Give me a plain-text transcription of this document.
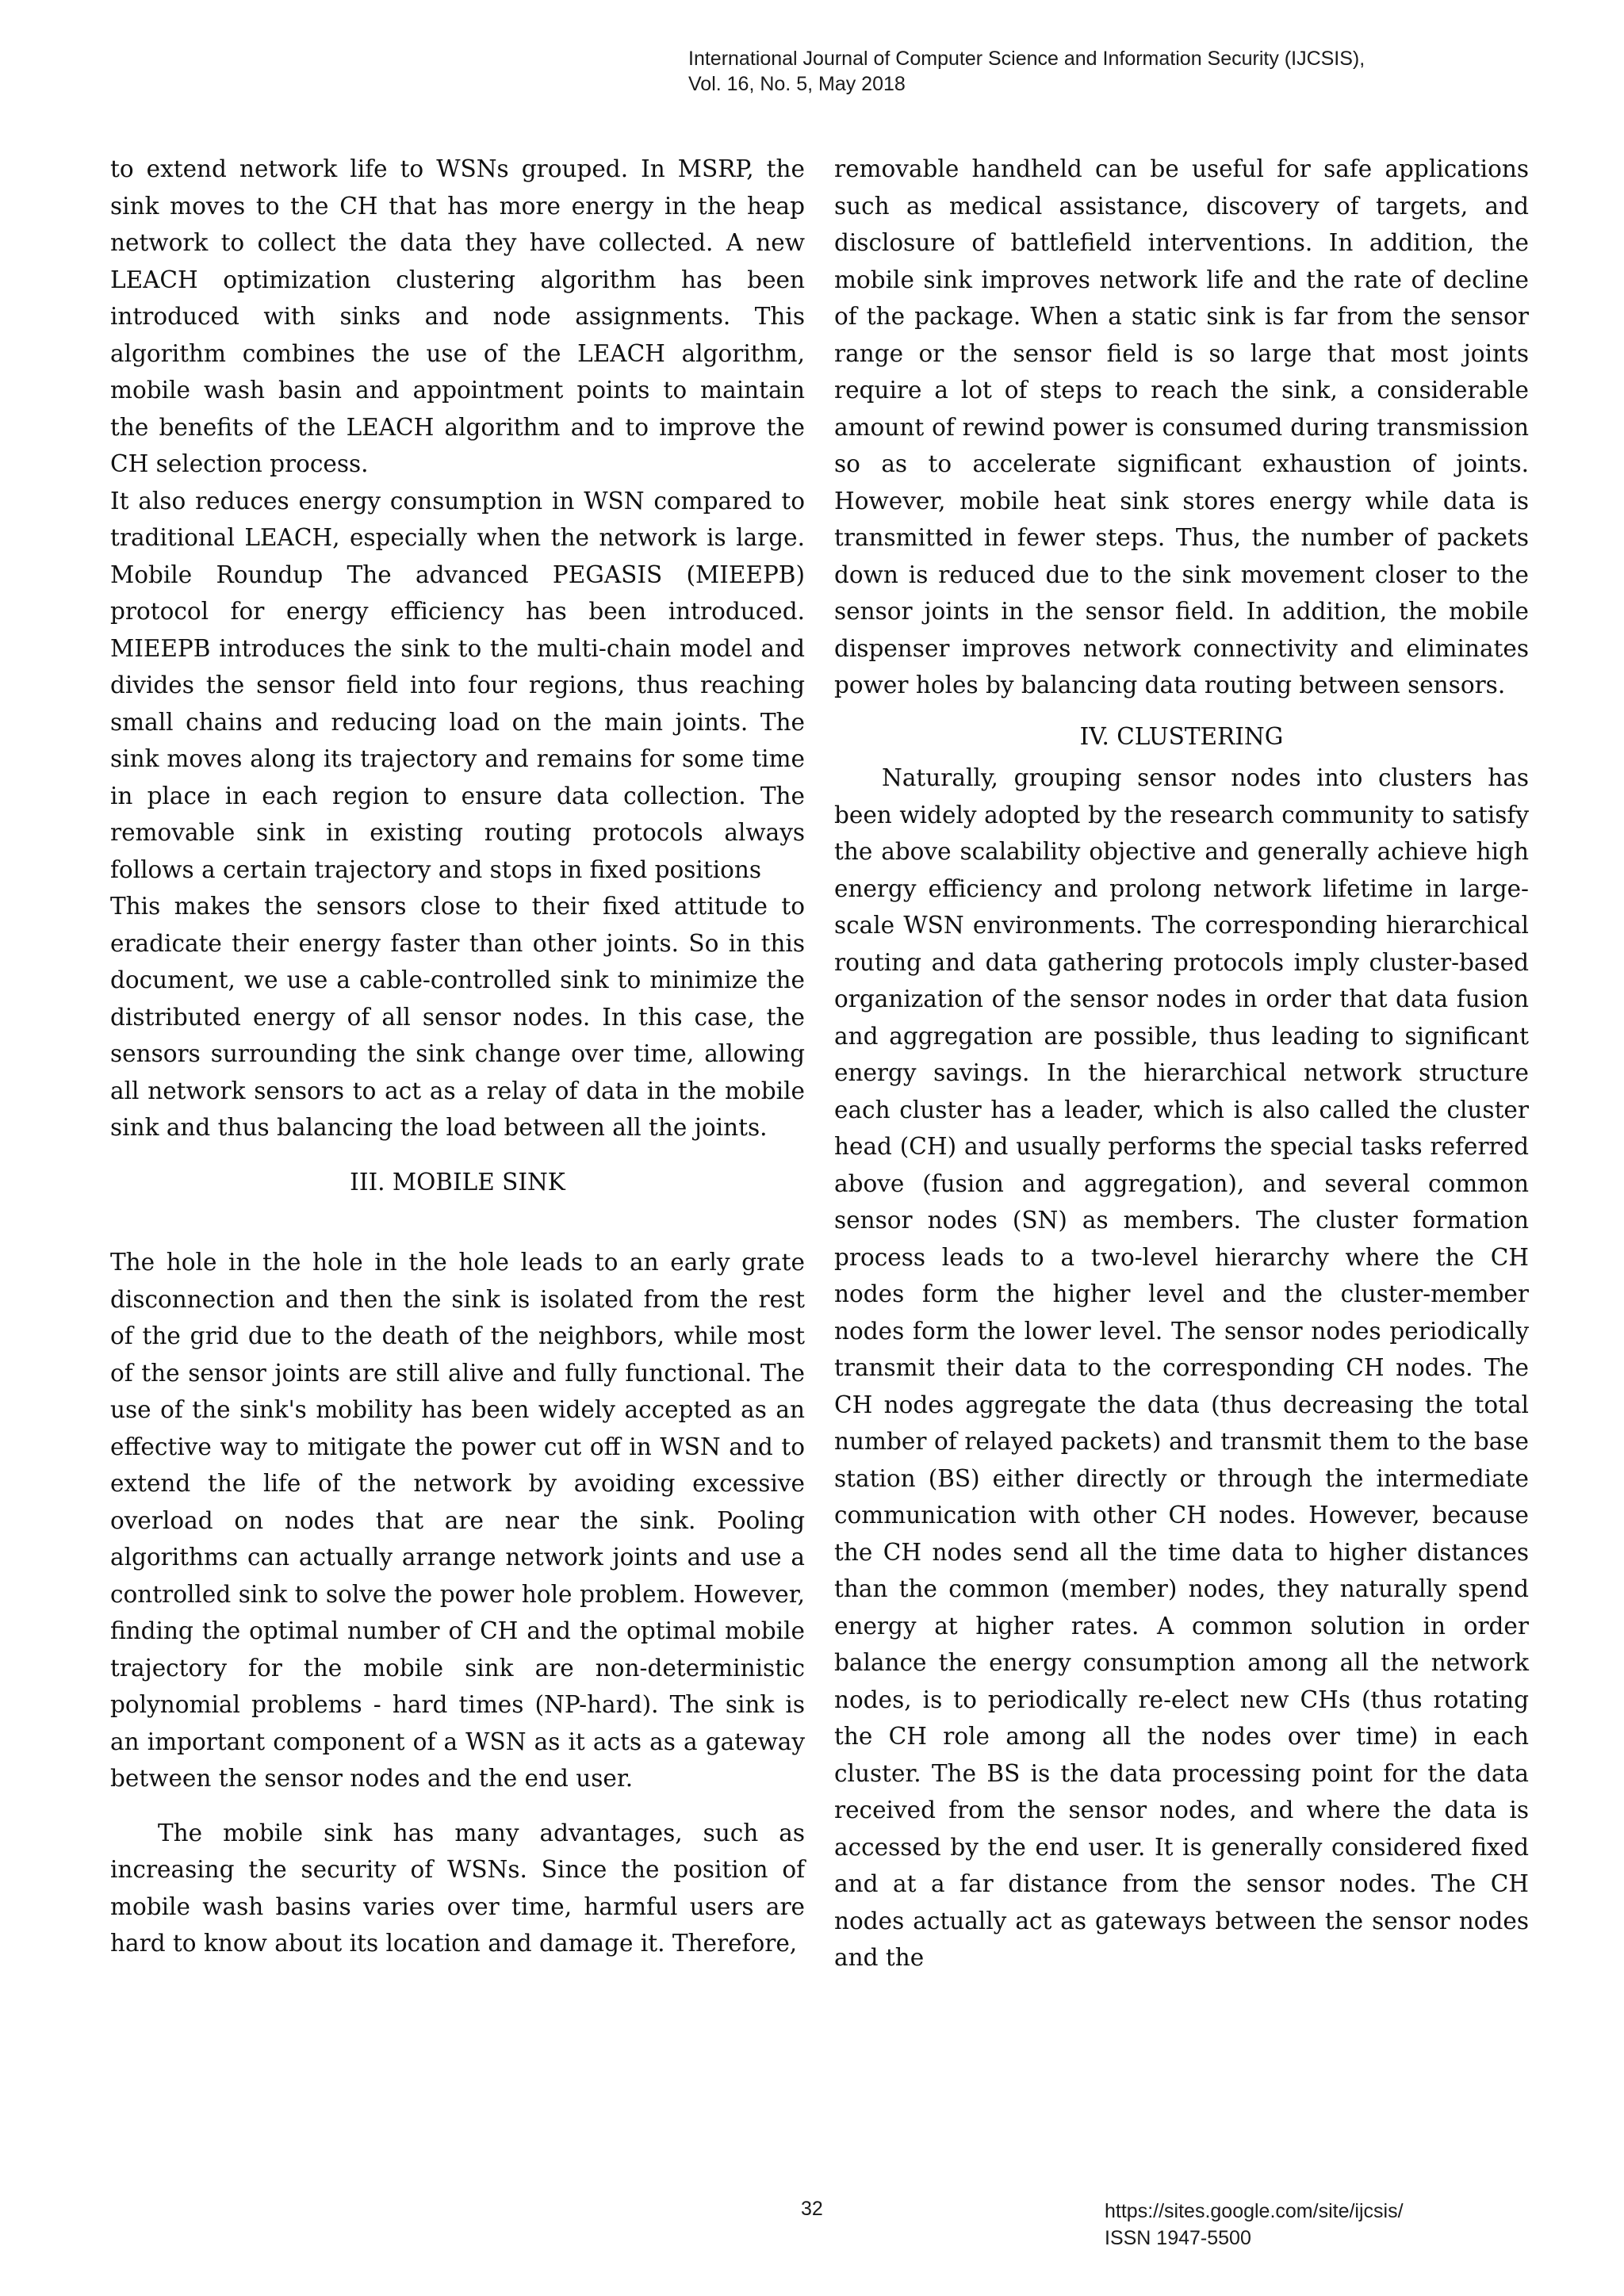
International Journal of Computer Science and Information Security (IJCSIS),
Vol. 16, No. 5, May 2018

to extend network life to WSNs grouped. In MSRP, the sink moves to the CH that has more energy in the heap network to collect the data they have collected. A new LEACH optimization clustering algorithm has been introduced with sinks and node assignments. This algorithm combines the use of the LEACH algorithm, mobile wash basin and appointment points to maintain the benefits of the LEACH algorithm and to improve the CH selection process.

It also reduces energy consumption in WSN compared to traditional LEACH, especially when the network is large. Mobile Roundup The advanced PEGASIS (MIEEPB) protocol for energy efficiency has been introduced. MIEEPB introduces the sink to the multi-chain model and divides the sensor field into four regions, thus reaching small chains and reducing load on the main joints. The sink moves along its trajectory and remains for some time in place in each region to ensure data collection. The removable sink in existing routing protocols always follows a certain trajectory and stops in fixed positions

This makes the sensors close to their fixed attitude to eradicate their energy faster than other joints. So in this document, we use a cable-controlled sink to minimize the distributed energy of all sensor nodes. In this case, the sensors surrounding the sink change over time, allowing all network sensors to act as a relay of data in the mobile sink and thus balancing the load between all the joints.

III. MOBILE SINK

The hole in the hole in the hole leads to an early grate disconnection and then the sink is isolated from the rest of the grid due to the death of the neighbors, while most of the sensor joints are still alive and fully functional. The use of the sink's mobility has been widely accepted as an effective way to mitigate the power cut off in WSN and to extend the life of the network by avoiding excessive overload on nodes that are near the sink. Pooling algorithms can actually arrange network joints and use a controlled sink to solve the power hole problem. However, finding the optimal number of CH and the optimal mobile trajectory for the mobile sink are non-deterministic polynomial problems - hard times (NP-hard). The sink is an important component of a WSN as it acts as a gateway between the sensor nodes and the end user.

The mobile sink has many advantages, such as increasing the security of WSNs. Since the position of mobile wash basins varies over time, harmful users are hard to know about its location and damage it. Therefore,

removable handheld can be useful for safe applications such as medical assistance, discovery of targets, and disclosure of battlefield interventions. In addition, the mobile sink improves network life and the rate of decline of the package. When a static sink is far from the sensor range or the sensor field is so large that most joints require a lot of steps to reach the sink, a considerable amount of rewind power is consumed during transmission so as to accelerate significant exhaustion of joints. However, mobile heat sink stores energy while data is transmitted in fewer steps. Thus, the number of packets down is reduced due to the sink movement closer to the sensor joints in the sensor field. In addition, the mobile dispenser improves network connectivity and eliminates power holes by balancing data routing between sensors.

IV. CLUSTERING

Naturally, grouping sensor nodes into clusters has been widely adopted by the research community to satisfy the above scalability objective and generally achieve high energy efficiency and prolong network lifetime in large-scale WSN environments. The corresponding hierarchical routing and data gathering protocols imply cluster-based organization of the sensor nodes in order that data fusion and aggregation are possible, thus leading to significant energy savings. In the hierarchical network structure each cluster has a leader, which is also called the cluster head (CH) and usually performs the special tasks referred above (fusion and aggregation), and several common sensor nodes (SN) as members. The cluster formation process leads to a two-level hierarchy where the CH nodes form the higher level and the cluster-member nodes form the lower level. The sensor nodes periodically transmit their data to the corresponding CH nodes. The CH nodes aggregate the data (thus decreasing the total number of relayed packets) and transmit them to the base station (BS) either directly or through the intermediate communication with other CH nodes. However, because the CH nodes send all the time data to higher distances than the common (member) nodes, they naturally spend energy at higher rates. A common solution in order balance the energy consumption among all the network nodes, is to periodically re-elect new CHs (thus rotating the CH role among all the nodes over time) in each cluster. The BS is the data processing point for the data received from the sensor nodes, and where the data is accessed by the end user. It is generally considered fixed and at a far distance from the sensor nodes. The CH nodes actually act as gateways between the sensor nodes and the

32	https://sites.google.com/site/ijcsis/
ISSN 1947-5500
